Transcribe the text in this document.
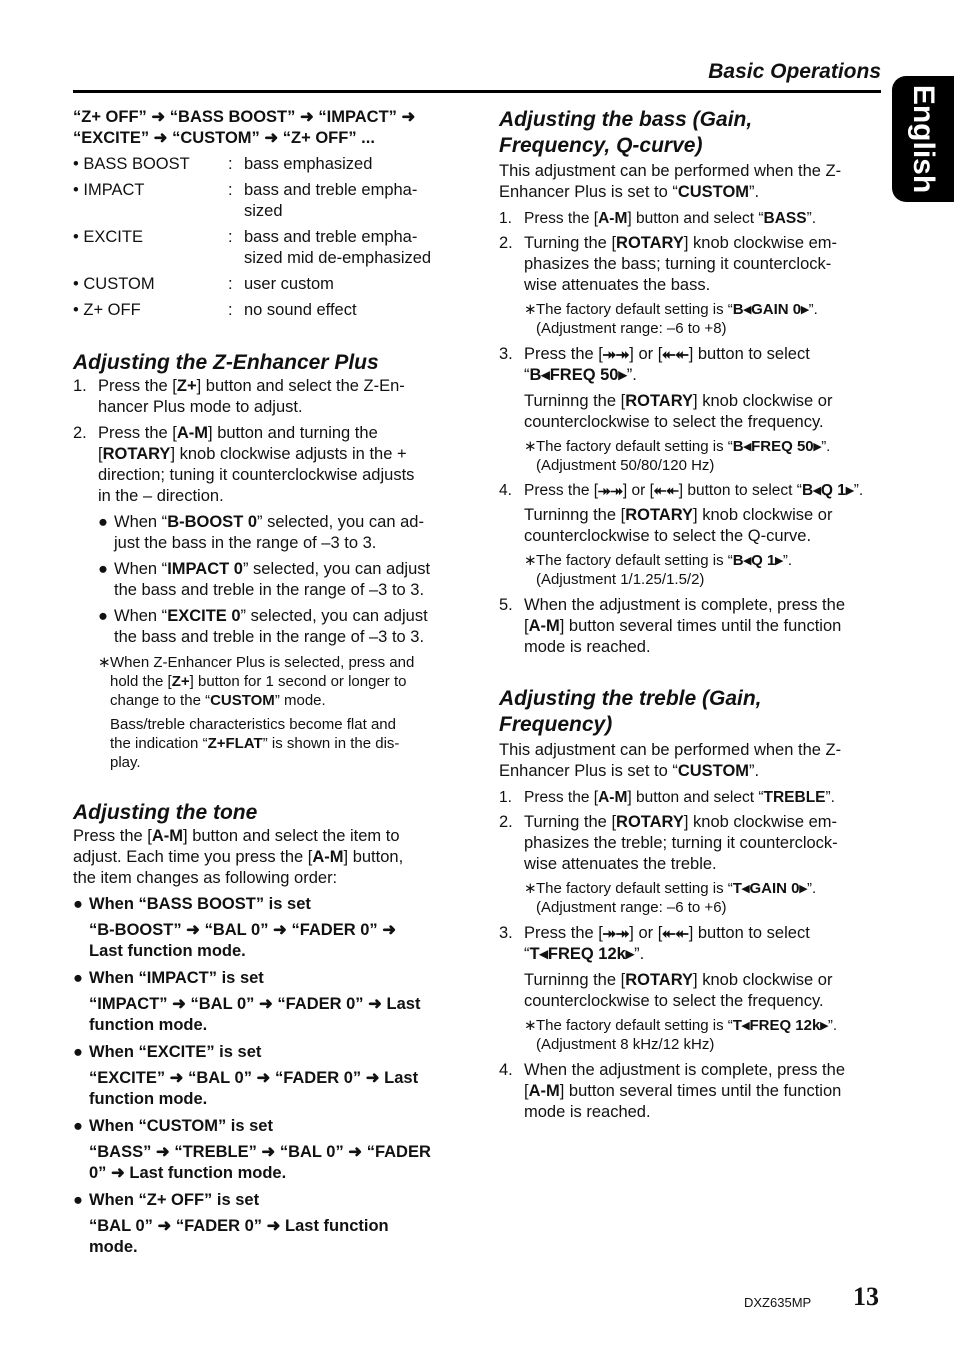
Basic Operations
English

“Z+ OFF” ➜ “BASS BOOST” ➜ “IMPACT” ➜
“EXCITE” ➜ “CUSTOM” ➜ “Z+ OFF” ...

• BASS BOOST	: bass emphasized
• IMPACT	: bass and treble empha-
sized
• EXCITE	: bass and treble empha-
sized mid de-emphasized
• CUSTOM	: user custom
• Z+ OFF	: no sound effect
Adjusting the Z-Enhancer Plus
1. Press the [Z+] button and select the Z-En-
hancer Plus mode to adjust.
2. Press the [A-M] button and turning the
[ROTARY] knob clockwise adjusts in the +
direction; tuning it counterclockwise adjusts
in the – direction.
● When “B-BOOST 0” selected, you can ad-
just the bass in the range of –3 to 3.
● When “IMPACT 0” selected, you can adjust
the bass and treble in the range of –3 to 3.
● When “EXCITE 0” selected, you can adjust
the bass and treble in the range of –3 to 3.
∗ When Z-Enhancer Plus is selected, press and
hold the [Z+] button for 1 second or longer to
change to the “CUSTOM” mode.
Bass/treble characteristics become flat and
the indication “Z+FLAT” is shown in the dis-
play.
Adjusting the tone
Press the [A-M] button and select the item to
adjust. Each time you press the [A-M] button,
the item changes as following order:
● When “BASS BOOST” is set
“B-BOOST” ➜ “BAL 0” ➜ “FADER 0” ➜
Last function mode.
● When “IMPACT” is set
“IMPACT” ➜ “BAL 0” ➜ “FADER 0” ➜ Last
function mode.
● When “EXCITE” is set
“EXCITE” ➜ “BAL 0” ➜ “FADER 0” ➜ Last
function mode.
● When “CUSTOM” is set
“BASS” ➜ “TREBLE” ➜ “BAL 0” ➜ “FADER
0” ➜ Last function mode.
● When “Z+ OFF” is set
“BAL 0” ➜ “FADER 0” ➜ Last function
mode.
Adjusting the bass (Gain,
Frequency, Q-curve)
This adjustment can be performed when the Z-
Enhancer Plus is set to “CUSTOM”.
1. Press the [A-M] button and select “BASS”.
2. Turning the [ROTARY] knob clockwise em-
phasizes the bass; turning it counterclock-
wise attenuates the bass.
∗ The factory default setting is “B◂GAIN 0▸”.
(Adjustment range: –6 to +8)
3. Press the [⯮⯮] or [⯬⯬] button to select
“B◂FREQ 50▸”.
Turninng the [ROTARY] knob clockwise or
counterclockwise to select the frequency.
∗ The factory default setting is “B◂FREQ 50▸”.
(Adjustment 50/80/120 Hz)
4. Press the [⯮⯮] or [⯬⯬] button to select “B◂Q 1▸”.
Turninng the [ROTARY] knob clockwise or
counterclockwise to select the Q-curve.
∗ The factory default setting is “B◂Q 1▸”.
(Adjustment 1/1.25/1.5/2)
5. When the adjustment is complete, press the
[A-M] button several times until the function
mode is reached.
Adjusting the treble (Gain,
Frequency)
This adjustment can be performed when the Z-
Enhancer Plus is set to “CUSTOM”.
1. Press the [A-M] button and select “TREBLE”.
2. Turning the [ROTARY] knob clockwise em-
phasizes the treble; turning it counterclock-
wise attenuates the treble.
∗ The factory default setting is “T◂GAIN 0▸”.
(Adjustment range: –6 to +6)
3. Press the [⯮⯮] or [⯬⯬] button to select
“T◂FREQ 12k▸”.
Turninng the [ROTARY] knob clockwise or
counterclockwise to select the frequency.
∗ The factory default setting is “T◂FREQ 12k▸”.
(Adjustment 8 kHz/12 kHz)
4. When the adjustment is complete, press the
[A-M] button several times until the function
mode is reached.
DXZ635MP 13
